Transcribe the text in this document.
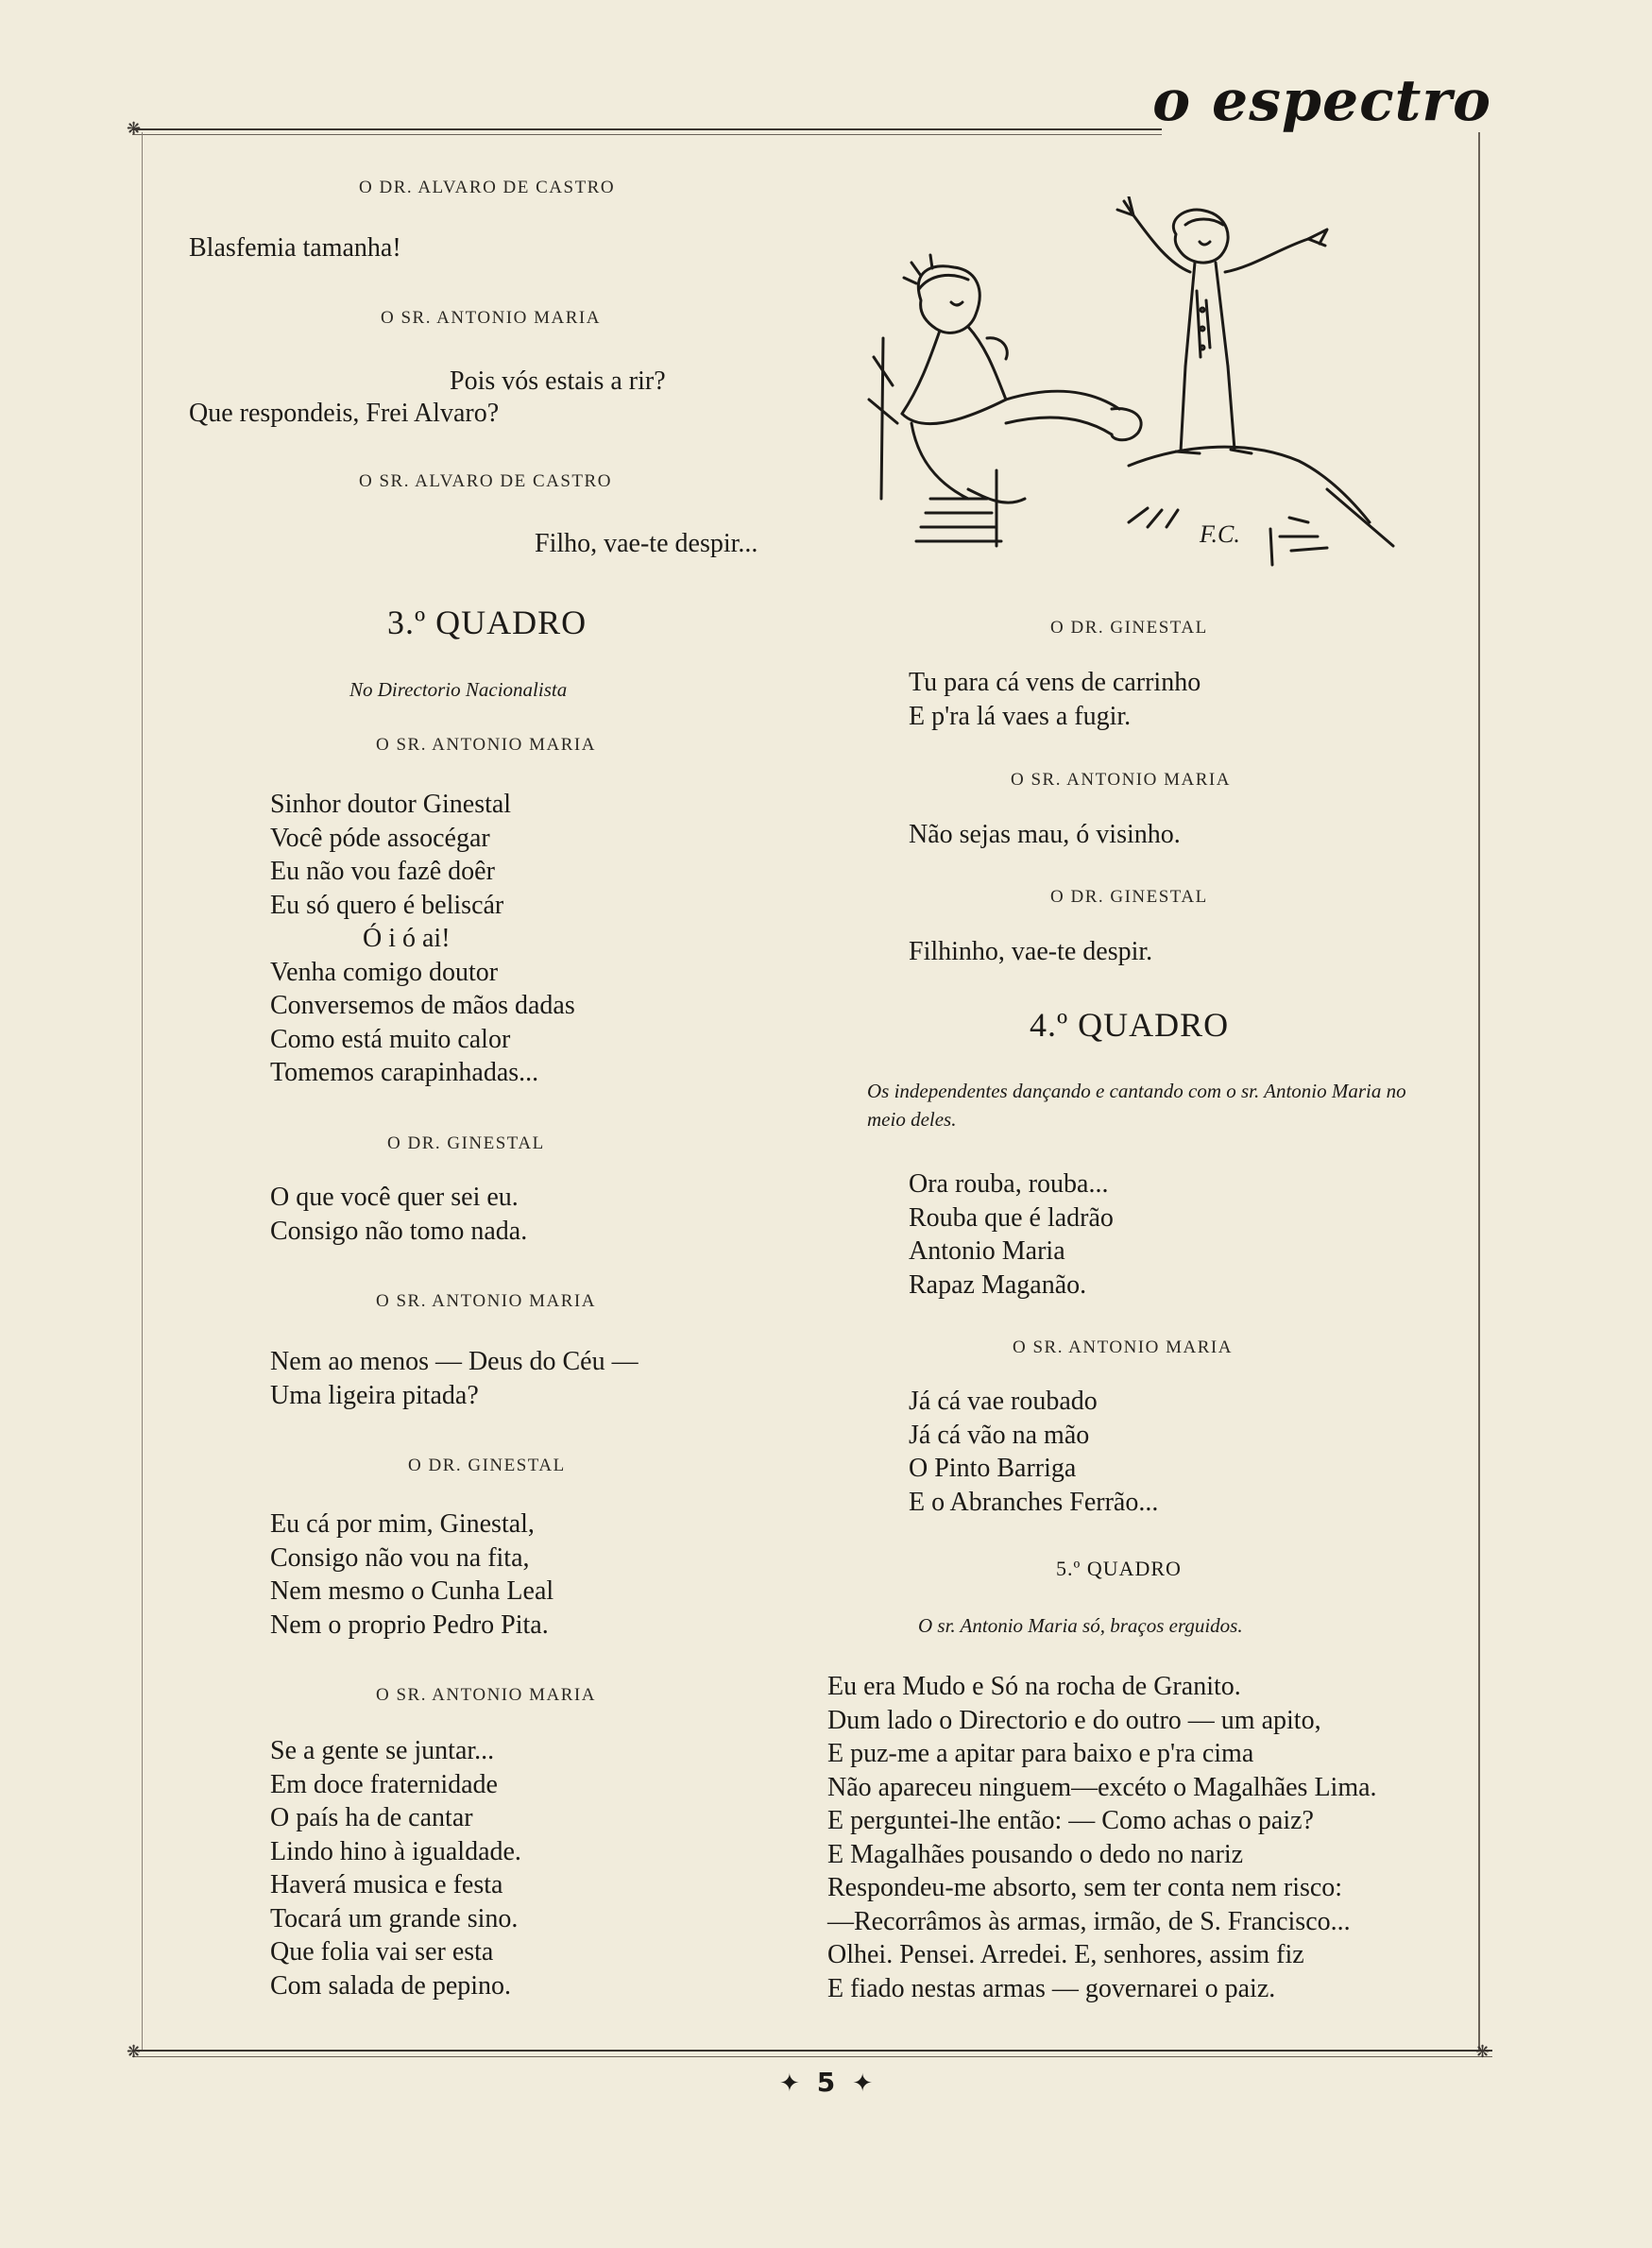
o espectro
❋
❋	❋
O DR. ALVARO DE CASTRO
Blasfemia tamanha!
O SR. ANTONIO MARIA
Pois vós estais a rir?
Que respondeis, Frei Alvaro?
O SR. ALVARO DE CASTRO
Filho, vae-te despir...
3.º QUADRO
No Directorio Nacionalista
O SR. ANTONIO MARIA
Sinhor doutor Ginestal
Você póde assocégar
Eu não vou fazê doêr
Eu só quero é beliscár
Ó i ó ai!
Venha comigo doutor
Conversemos de mãos dadas
Como está muito calor
Tomemos carapinhadas...
O DR. GINESTAL
O que você quer sei eu.
Consigo não tomo nada.
O SR. ANTONIO MARIA
Nem ao menos — Deus do Céu —
Uma ligeira pitada?
O DR. GINESTAL
Eu cá por mim, Ginestal,
Consigo não vou na fita,
Nem mesmo o Cunha Leal
Nem o proprio Pedro Pita.
O SR. ANTONIO MARIA
Se a gente se juntar...
Em doce fraternidade
O país ha de cantar
Lindo hino à igualdade.
Haverá musica e festa
Tocará um grande sino.
Que folia vai ser esta
Com salada de pepino.
F.C.
O DR. GINESTAL
Tu para cá vens de carrinho
E p'ra lá vaes a fugir.
O SR. ANTONIO MARIA
Não sejas mau, ó visinho.
O DR. GINESTAL
Filhinho, vae-te despir.
4.º QUADRO
Os independentes dançando e cantando com o sr. Antonio Maria no meio deles.
Ora rouba, rouba...
Rouba que é ladrão
Antonio Maria
Rapaz Maganão.
O SR. ANTONIO MARIA
Já cá vae roubado
Já cá vão na mão
O Pinto Barriga
E o Abranches Ferrão...
5.º QUADRO
O sr. Antonio Maria só, braços erguidos.
Eu era Mudo e Só na rocha de Granito.
Dum lado o Directorio e do outro — um apito,
E puz-me a apitar para baixo e p'ra cima
Não apareceu ninguem—excéto o Magalhães Lima.
E perguntei-lhe então: — Como achas o paiz?
E Magalhães pousando o dedo no nariz
Respondeu-me absorto, sem ter conta nem risco:
—Recorrâmos às armas, irmão, de S. Francisco...
Olhei. Pensei. Arredei. E, senhores, assim fiz
E fiado nestas armas — governarei o paiz.
✦ 5 ✦
